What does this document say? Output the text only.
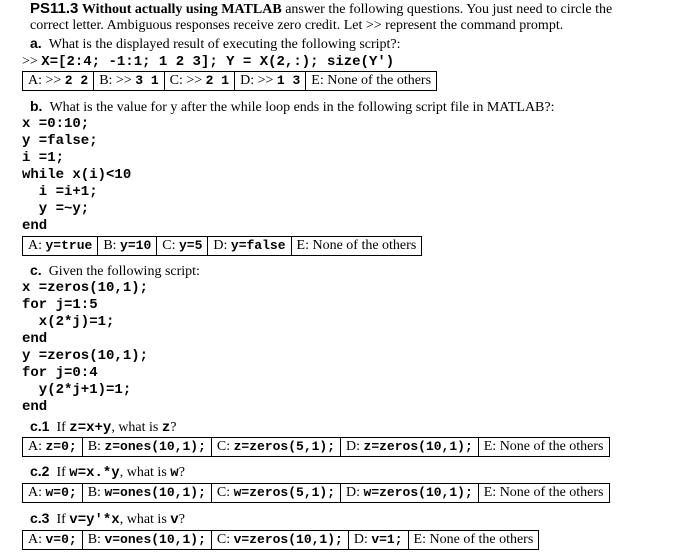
PS11.3 Without actually using MATLAB answer the following questions. You just need to circle the
correct letter. Ambiguous responses receive zero credit. Let >> represent the command prompt.
a. What is the displayed result of executing the following script?:
>> X=[2:4; -1:1; 1 2 3]; Y = X(2,:); size(Y')
A: >> 2 2 B: >> 3 1 C: >> 2 1 D: >> 1 3 E: None of the others
b. What is the value for y after the while loop ends in the following script file in MATLAB?:
x =0:10;
y =false;
i =1;
while x(i)<10
i =i+1;
y =~y;
end
A: y=true B: y=10 C: y=5 D: y=false E: None of the others
c. Given the following script:
x =zeros(10,1);
for j=1:5
x(2*j)=1;
end
y =zeros(10,1);
for j=0:4
y(2*j+1)=1;
end
c.1 If z=x+y, what is z?
A: z=0; B: z=ones(10,1); C: z=zeros(5,1); D: z=zeros(10,1); E: None of the others
c.2 If w=x.*y, what is w?
A: w=0; B: w=ones(10,1); C: w=zeros(5,1); D: w=zeros(10,1); E: None of the others
c.3 If v=y'*x, what is v?
A: v=0; B: v=ones(10,1); C: v=zeros(10,1); D: v=1; E: None of the others
